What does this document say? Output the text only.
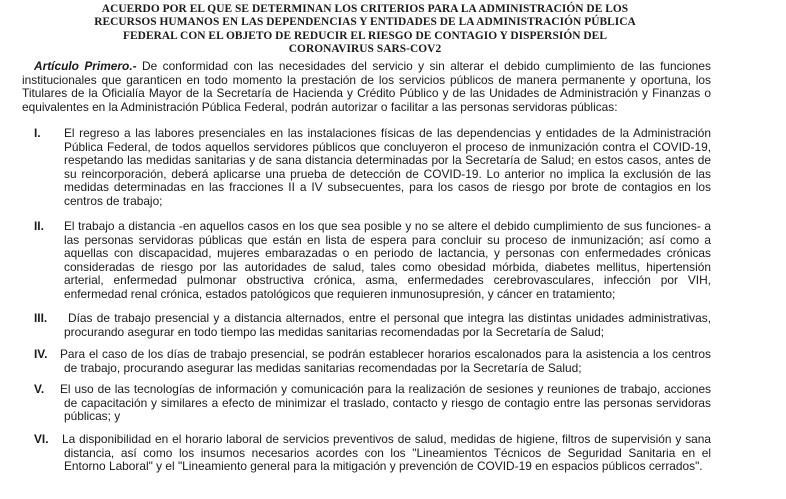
ACUERDO POR EL QUE SE DETERMINAN LOS CRITERIOS PARA LA ADMINISTRACIÓN DE LOS
RECURSOS HUMANOS EN LAS DEPENDENCIAS Y ENTIDADES DE LA ADMINISTRACIÓN PÚBLICA
FEDERAL CON EL OBJETO DE REDUCIR EL RIESGO DE CONTAGIO Y DISPERSIÓN DEL
CORONAVIRUS SARS-COV2
Artículo Primero.- De conformidad con las necesidades del servicio y sin alterar el debido cumplimiento de las funciones
institucionales que garanticen en todo momento la prestación de los servicios públicos de manera permanente y oportuna, los
Titulares de la Oficialía Mayor de la Secretaría de Hacienda y Crédito Público y de las Unidades de Administración y Finanzas o
equivalentes en la Administración Pública Federal, podrán autorizar o facilitar a las personas servidoras públicas:
I. El regreso a las labores presenciales en las instalaciones físicas de las dependencias y entidades de la Administración
Pública Federal, de todos aquellos servidores públicos que concluyeron el proceso de inmunización contra el COVID-19,
respetando las medidas sanitarias y de sana distancia determinadas por la Secretaría de Salud; en estos casos, antes de
su reincorporación, deberá aplicarse una prueba de detección de COVID-19. Lo anterior no implica la exclusión de las
medidas determinadas en las fracciones II a IV subsecuentes, para los casos de riesgo por brote de contagios en los
centros de trabajo;
II. El trabajo a distancia -en aquellos casos en los que sea posible y no se altere el debido cumplimiento de sus funciones- a
las personas servidoras públicas que están en lista de espera para concluir su proceso de inmunización; así como a
aquellas con discapacidad, mujeres embarazadas o en periodo de lactancia, y personas con enfermedades crónicas
consideradas de riesgo por las autoridades de salud, tales como obesidad mórbida, diabetes mellitus, hipertensión
arterial, enfermedad pulmonar obstructiva crónica, asma, enfermedades cerebrovasculares, infección por VIH,
enfermedad renal crónica, estados patológicos que requieren inmunosupresión, y cáncer en tratamiento;
III. Días de trabajo presencial y a distancia alternados, entre el personal que integra las distintas unidades administrativas,
procurando asegurar en todo tiempo las medidas sanitarias recomendadas por la Secretaría de Salud;
IV. Para el caso de los días de trabajo presencial, se podrán establecer horarios escalonados para la asistencia a los centros
de trabajo, procurando asegurar las medidas sanitarias recomendadas por la Secretaría de Salud;
V. El uso de las tecnologías de información y comunicación para la realización de sesiones y reuniones de trabajo, acciones
de capacitación y similares a efecto de minimizar el traslado, contacto y riesgo de contagio entre las personas servidoras
públicas; y
VI. La disponibilidad en el horario laboral de servicios preventivos de salud, medidas de higiene, filtros de supervisión y sana
distancia, así como los insumos necesarios acordes con los "Lineamientos Técnicos de Seguridad Sanitaria en el
Entorno Laboral" y el "Lineamiento general para la mitigación y prevención de COVID-19 en espacios públicos cerrados".
